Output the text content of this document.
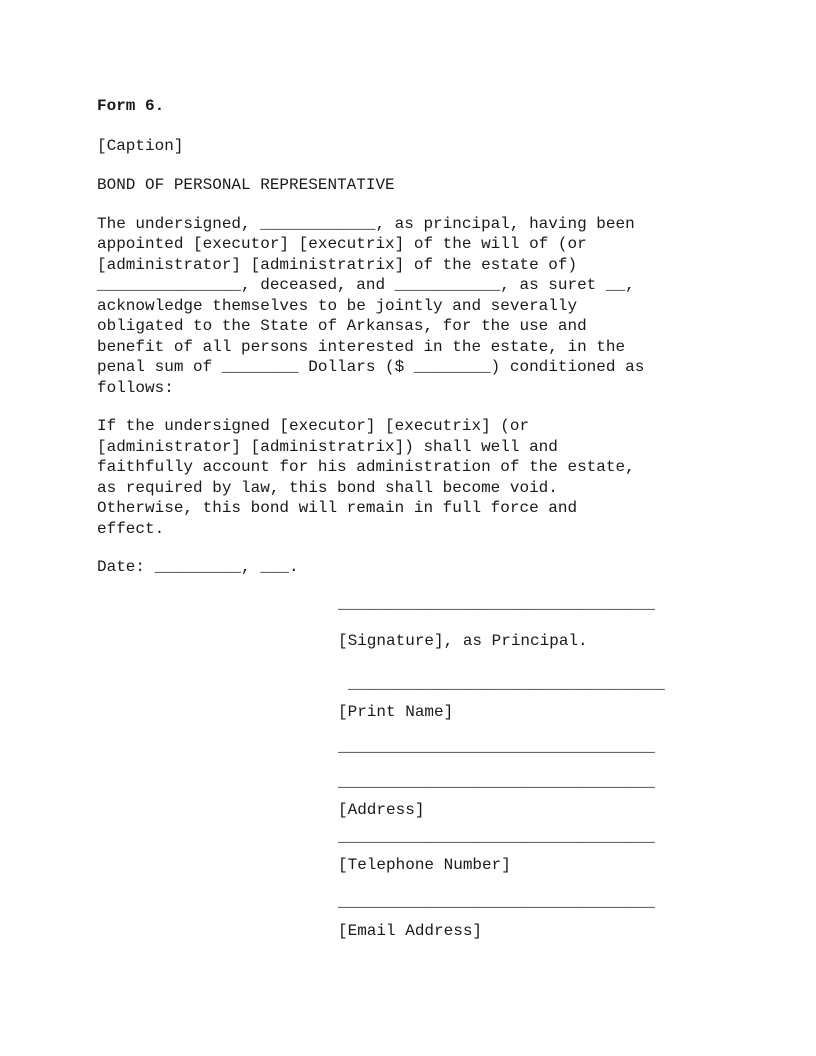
Form 6.

[Caption]

BOND OF PERSONAL REPRESENTATIVE

The undersigned, ____________, as principal, having been

appointed [executor] [executrix] of the will of (or

[administrator] [administratrix] of the estate of)

_______________, deceased, and ___________, as suret __,

acknowledge themselves to be jointly and severally

obligated to the State of Arkansas, for the use and

benefit of all persons interested in the estate, in the

penal sum of ________ Dollars ($ ________) conditioned as

follows:

If the undersigned [executor] [executrix] (or

[administrator] [administratrix]) shall well and

faithfully account for his administration of the estate,

as required by law, this bond shall become void.

Otherwise, this bond will remain in full force and

effect.

Date: _________, ___.

_________________________________

[Signature], as Principal.

_________________________________

[Print Name]

_________________________________

_________________________________

[Address]

_________________________________

[Telephone Number]

_________________________________

[Email Address]
